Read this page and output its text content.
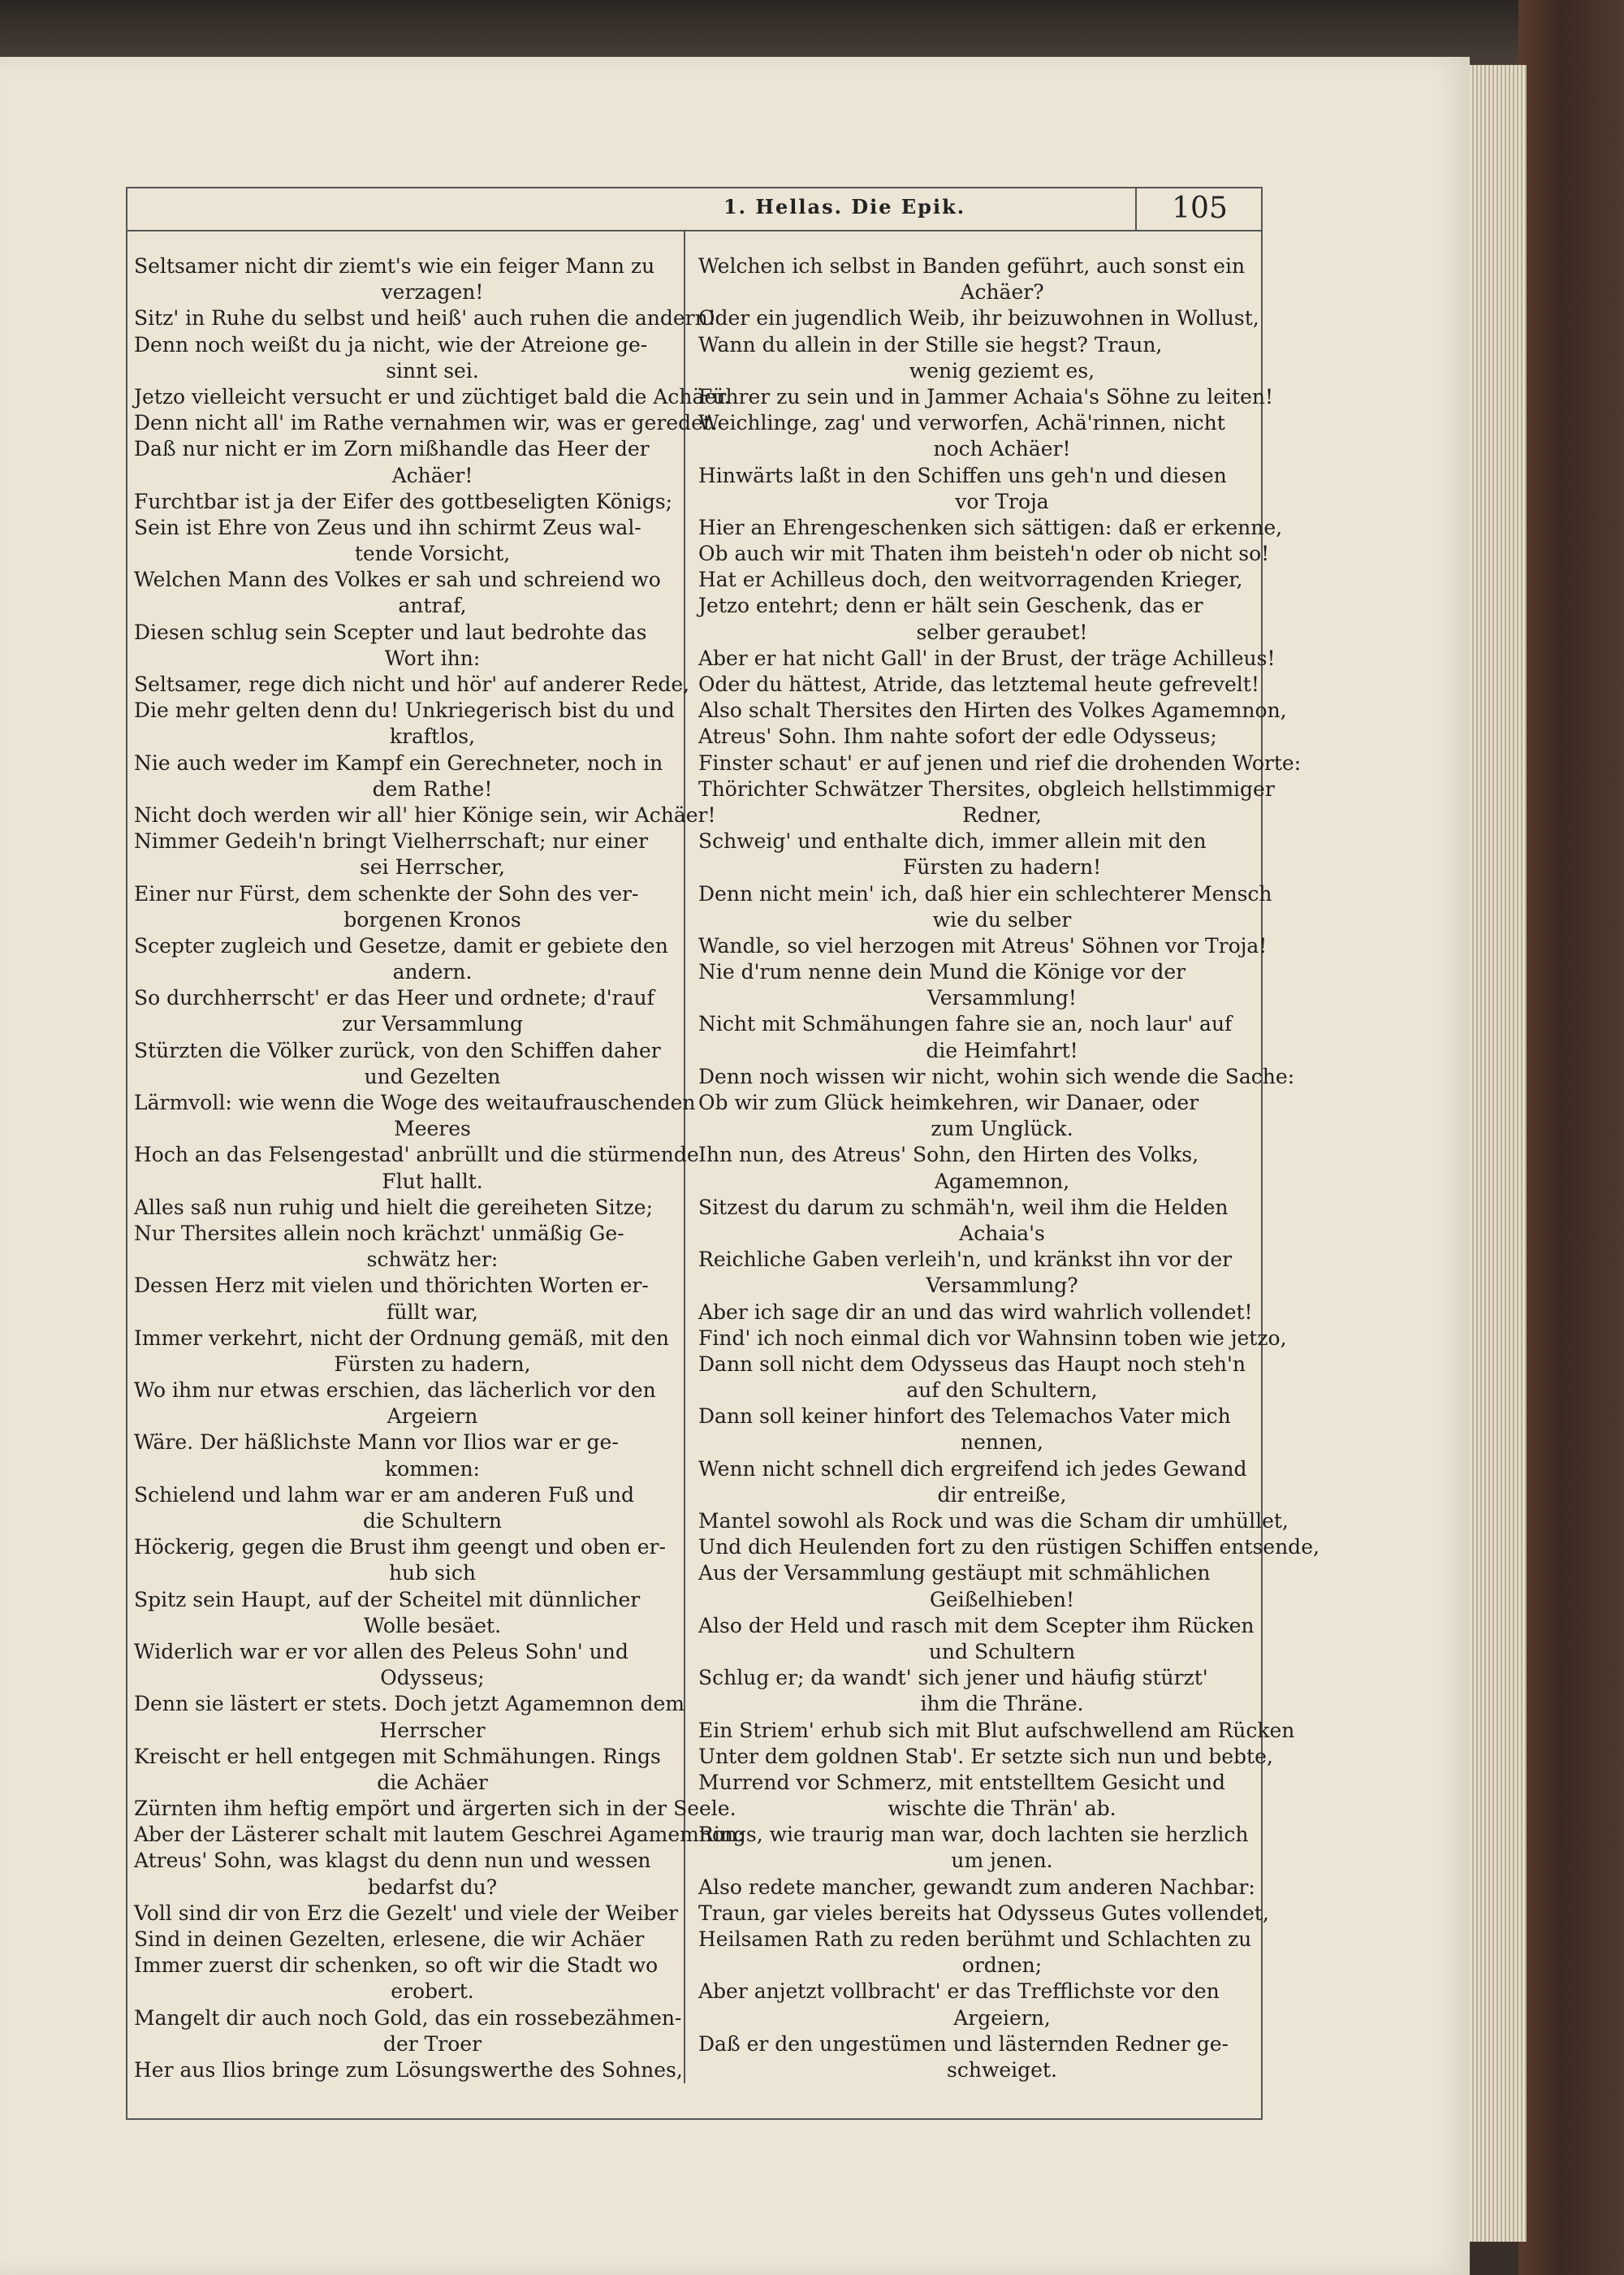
1. Hellas. Die Epik.	105
Seltsamer nicht dir ziemt's wie ein feiger Mann zu
verzagen!
Sitz' in Ruhe du selbst und heiß' auch ruhen die andern!
Denn noch weißt du ja nicht, wie der Atreione ge-
sinnt sei.
Jetzo vielleicht versucht er und züchtiget bald die Achäer.
Denn nicht all' im Rathe vernahmen wir, was er geredet.
Daß nur nicht er im Zorn mißhandle das Heer der
Achäer!
Furchtbar ist ja der Eifer des gottbeseligten Königs;
Sein ist Ehre von Zeus und ihn schirmt Zeus wal-
tende Vorsicht,
Welchen Mann des Volkes er sah und schreiend wo
antraf,
Diesen schlug sein Scepter und laut bedrohte das
Wort ihn:
Seltsamer, rege dich nicht und hör' auf anderer Rede,
Die mehr gelten denn du! Unkriegerisch bist du und
kraftlos,
Nie auch weder im Kampf ein Gerechneter, noch in
dem Rathe!
Nicht doch werden wir all' hier Könige sein, wir Achäer!
Nimmer Gedeih'n bringt Vielherrschaft; nur einer
sei Herrscher,
Einer nur Fürst, dem schenkte der Sohn des ver-
borgenen Kronos
Scepter zugleich und Gesetze, damit er gebiete den
andern.
So durchherrscht' er das Heer und ordnete; d'rauf
zur Versammlung
Stürzten die Völker zurück, von den Schiffen daher
und Gezelten
Lärmvoll: wie wenn die Woge des weitaufrauschenden
Meeres
Hoch an das Felsengestad' anbrüllt und die stürmende
Flut hallt.
Alles saß nun ruhig und hielt die gereiheten Sitze;
Nur Thersites allein noch krächzt' unmäßig Ge-
schwätz her:
Dessen Herz mit vielen und thörichten Worten er-
füllt war,
Immer verkehrt, nicht der Ordnung gemäß, mit den
Fürsten zu hadern,
Wo ihm nur etwas erschien, das lächerlich vor den
Argeiern
Wäre. Der häßlichste Mann vor Ilios war er ge-
kommen:
Schielend und lahm war er am anderen Fuß und
die Schultern
Höckerig, gegen die Brust ihm geengt und oben er-
hub sich
Spitz sein Haupt, auf der Scheitel mit dünnlicher
Wolle besäet.
Widerlich war er vor allen des Peleus Sohn' und
Odysseus;
Denn sie lästert er stets. Doch jetzt Agamemnon dem
Herrscher
Kreischt er hell entgegen mit Schmähungen. Rings
die Achäer
Zürnten ihm heftig empört und ärgerten sich in der Seele.
Aber der Lästerer schalt mit lautem Geschrei Agamemnon:
Atreus' Sohn, was klagst du denn nun und wessen
bedarfst du?
Voll sind dir von Erz die Gezelt' und viele der Weiber
Sind in deinen Gezelten, erlesene, die wir Achäer
Immer zuerst dir schenken, so oft wir die Stadt wo
erobert.
Mangelt dir auch noch Gold, das ein rossebezähmen-
der Troer
Her aus Ilios bringe zum Lösungswerthe des Sohnes,
Welchen ich selbst in Banden geführt, auch sonst ein
Achäer?
Oder ein jugendlich Weib, ihr beizuwohnen in Wollust,
Wann du allein in der Stille sie hegst? Traun,
wenig geziemt es,
Führer zu sein und in Jammer Achaia's Söhne zu leiten!
Weichlinge, zag' und verworfen, Achä'rinnen, nicht
noch Achäer!
Hinwärts laßt in den Schiffen uns geh'n und diesen
vor Troja
Hier an Ehrengeschenken sich sättigen: daß er erkenne,
Ob auch wir mit Thaten ihm beisteh'n oder ob nicht so!
Hat er Achilleus doch, den weitvorragenden Krieger,
Jetzo entehrt; denn er hält sein Geschenk, das er
selber geraubet!
Aber er hat nicht Gall' in der Brust, der träge Achilleus!
Oder du hättest, Atride, das letztemal heute gefrevelt!
Also schalt Thersites den Hirten des Volkes Agamemnon,
Atreus' Sohn. Ihm nahte sofort der edle Odysseus;
Finster schaut' er auf jenen und rief die drohenden Worte:
Thörichter Schwätzer Thersites, obgleich hellstimmiger
Redner,
Schweig' und enthalte dich, immer allein mit den
Fürsten zu hadern!
Denn nicht mein' ich, daß hier ein schlechterer Mensch
wie du selber
Wandle, so viel herzogen mit Atreus' Söhnen vor Troja!
Nie d'rum nenne dein Mund die Könige vor der
Versammlung!
Nicht mit Schmähungen fahre sie an, noch laur' auf
die Heimfahrt!
Denn noch wissen wir nicht, wohin sich wende die Sache:
Ob wir zum Glück heimkehren, wir Danaer, oder
zum Unglück.
Ihn nun, des Atreus' Sohn, den Hirten des Volks,
Agamemnon,
Sitzest du darum zu schmäh'n, weil ihm die Helden
Achaia's
Reichliche Gaben verleih'n, und kränkst ihn vor der
Versammlung?
Aber ich sage dir an und das wird wahrlich vollendet!
Find' ich noch einmal dich vor Wahnsinn toben wie jetzo,
Dann soll nicht dem Odysseus das Haupt noch steh'n
auf den Schultern,
Dann soll keiner hinfort des Telemachos Vater mich
nennen,
Wenn nicht schnell dich ergreifend ich jedes Gewand
dir entreiße,
Mantel sowohl als Rock und was die Scham dir umhüllet,
Und dich Heulenden fort zu den rüstigen Schiffen entsende,
Aus der Versammlung gestäupt mit schmählichen
Geißelhieben!
Also der Held und rasch mit dem Scepter ihm Rücken
und Schultern
Schlug er; da wandt' sich jener und häufig stürzt'
ihm die Thräne.
Ein Striem' erhub sich mit Blut aufschwellend am Rücken
Unter dem goldnen Stab'. Er setzte sich nun und bebte,
Murrend vor Schmerz, mit entstelltem Gesicht und
wischte die Thrän' ab.
Rings, wie traurig man war, doch lachten sie herzlich
um jenen.
Also redete mancher, gewandt zum anderen Nachbar:
Traun, gar vieles bereits hat Odysseus Gutes vollendet,
Heilsamen Rath zu reden berühmt und Schlachten zu
ordnen;
Aber anjetzt vollbracht' er das Trefflichste vor den
Argeiern,
Daß er den ungestümen und lästernden Redner ge-
schweiget.
